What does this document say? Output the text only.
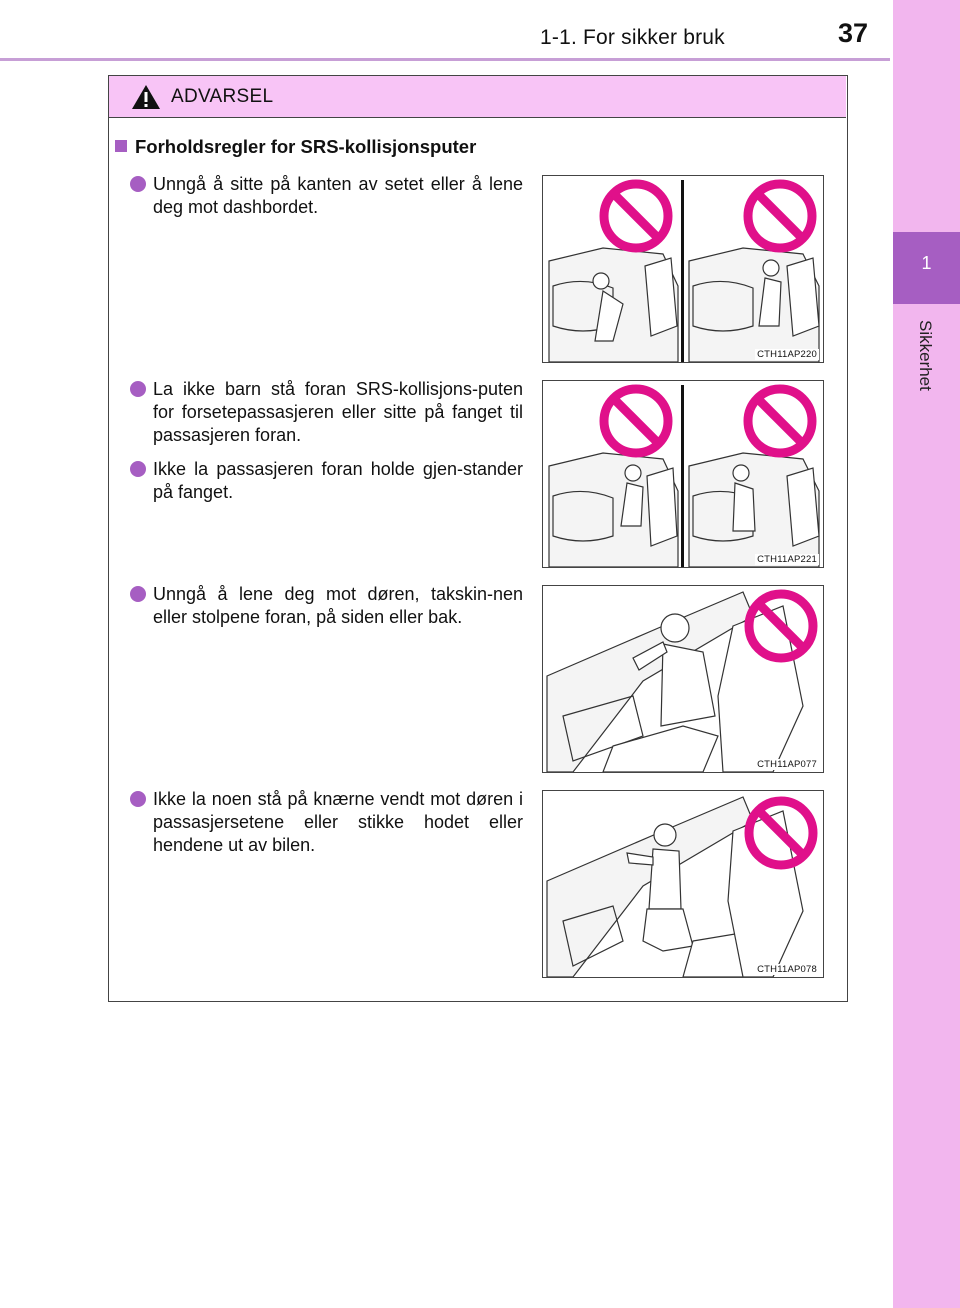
1-1. For sikker bruk	37
1
Sikkerhet
ADVARSEL
Forholdsregler for SRS-kollisjonsputer
Unngå å sitte på kanten av setet eller å lene deg mot dashbordet.
La ikke barn stå foran SRS-kollisjons-puten for forsetepassasjeren eller sitte på fanget til passasjeren foran.
Ikke la passasjeren foran holde gjen-stander på fanget.
Unngå å lene deg mot døren, takskin-nen eller stolpene foran, på siden eller bak.
Ikke la noen stå på knærne vendt mot døren i passasjersetene eller stikke hodet eller hendene ut av bilen.
CTH11AP220
CTH11AP221
CTH11AP077
CTH11AP078
